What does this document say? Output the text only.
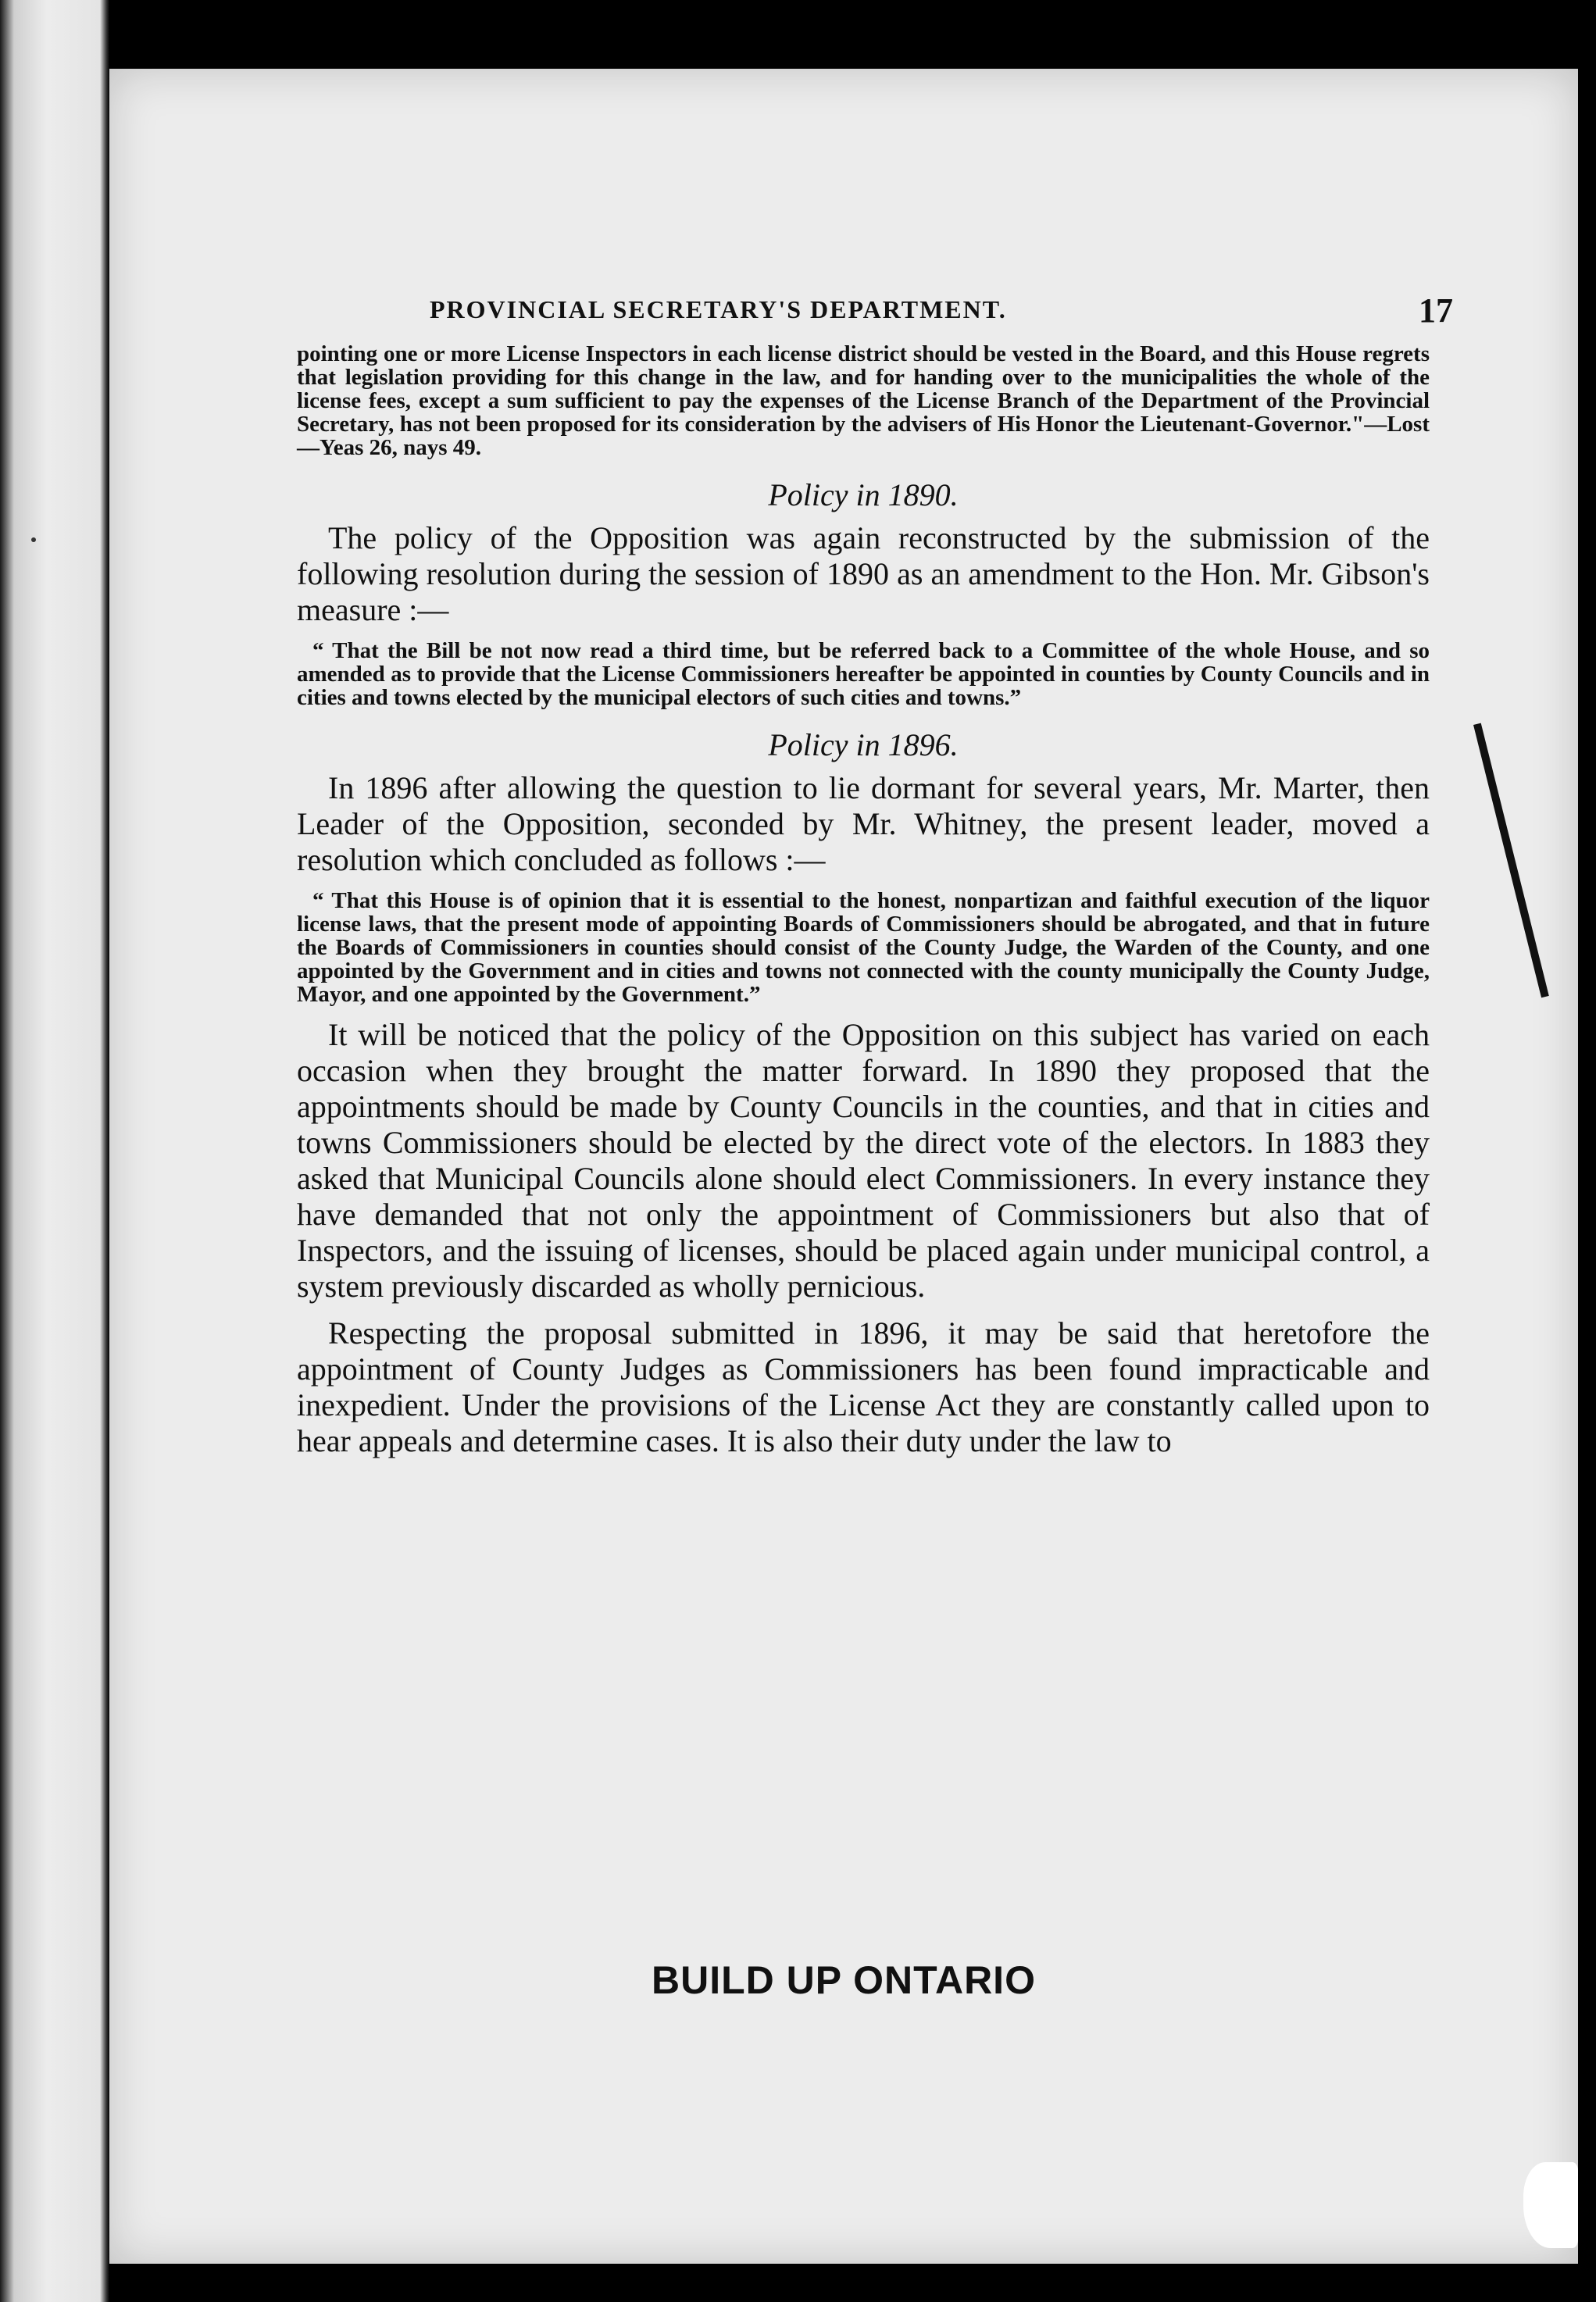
PROVINCIAL SECRETARY'S DEPARTMENT.	17

pointing one or more License Inspectors in each license district should be vested in the Board, and this House regrets that legislation providing for this change in the law, and for handing over to the municipalities the whole of the license fees, except a sum sufficient to pay the expenses of the License Branch of the Department of the Provincial Secretary, has not been proposed for its consideration by the advisers of His Honor the Lieutenant-Governor."—Lost—Yeas 26, nays 49.

Policy in 1890.

The policy of the Opposition was again reconstructed by the submission of the following resolution during the session of 1890 as an amendment to the Hon. Mr. Gibson's measure :—

“ That the Bill be not now read a third time, but be referred back to a Committee of the whole House, and so amended as to provide that the License Commissioners hereafter be appointed in counties by County Councils and in cities and towns elected by the municipal electors of such cities and towns.”

Policy in 1896.

In 1896 after allowing the question to lie dormant for several years, Mr. Marter, then Leader of the Opposition, seconded by Mr. Whitney, the present leader, moved a resolution which concluded as follows :—

“ That this House is of opinion that it is essential to the honest, nonpartizan and faithful execution of the liquor license laws, that the present mode of appointing Boards of Commissioners should be abrogated, and that in future the Boards of Commissioners in counties should consist of the County Judge, the Warden of the County, and one appointed by the Government and in cities and towns not connected with the county municipally the County Judge, Mayor, and one appointed by the Government.”

It will be noticed that the policy of the Opposition on this subject has varied on each occasion when they brought the matter forward. In 1890 they proposed that the appointments should be made by County Councils in the counties, and that in cities and towns Commissioners should be elected by the direct vote of the electors. In 1883 they asked that Municipal Councils alone should elect Commissioners. In every instance they have demanded that not only the appointment of Commissioners but also that of Inspectors, and the issuing of licenses, should be placed again under municipal control, a system previously discarded as wholly pernicious.

Respecting the proposal submitted in 1896, it may be said that heretofore the appointment of County Judges as Commissioners has been found impracticable and inexpedient. Under the provisions of the License Act they are constantly called upon to hear appeals and determine cases. It is also their duty under the law to

BUILD UP ONTARIO
